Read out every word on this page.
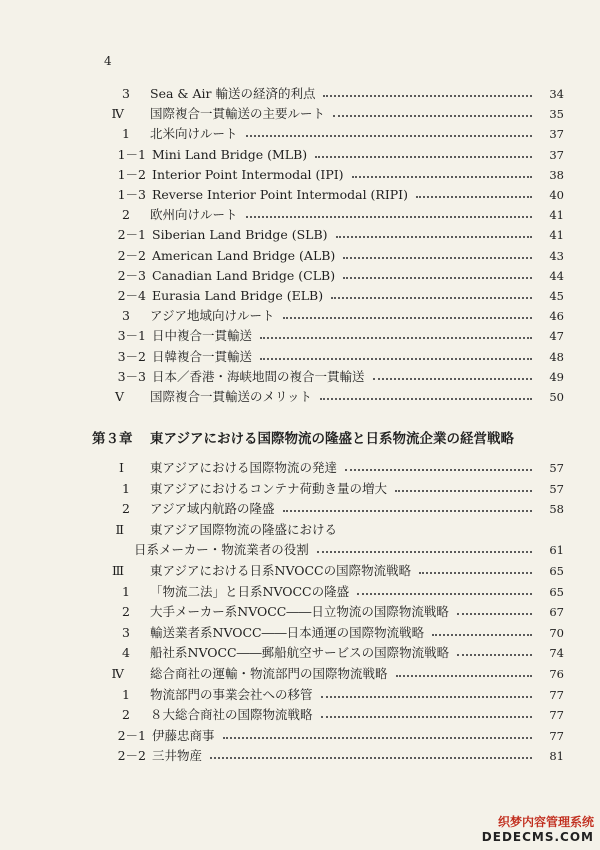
4
3 Sea & Air 輸送の経済的利点	34
Ⅳ 国際複合一貫輸送の主要ルート	35
1 北米向けルート	37
1－1 Mini Land Bridge (MLB)	37
1－2 Interior Point Intermodal (IPI)	38
1－3 Reverse Interior Point Intermodal (RIPI)	40
2 欧州向けルート	41
2－1 Siberian Land Bridge (SLB)	41
2－2 American Land Bridge (ALB)	43
2－3 Canadian Land Bridge (CLB)	44
2－4 Eurasia Land Bridge (ELB)	45
3 アジア地域向けルート	46
3－1 日中複合一貫輸送	47
3－2 日韓複合一貫輸送	48
3－3 日本／香港・海峡地間の複合一貫輸送	49
Ⅴ 国際複合一貫輸送のメリット	50
第３章 東アジアにおける国際物流の隆盛と日系物流企業の経営戦略
Ⅰ 東アジアにおける国際物流の発達	57
1 東アジアにおけるコンテナ荷動き量の増大	57
2 アジア域内航路の隆盛	58
Ⅱ 東アジア国際物流の隆盛における
日系メーカー・物流業者の役割	61
Ⅲ 東アジアにおける日系NVOCCの国際物流戦略	65
1 「物流二法」と日系NVOCCの隆盛	65
2 大手メーカー系NVOCC――日立物流の国際物流戦略	67
3 輸送業者系NVOCC――日本通運の国際物流戦略	70
4 船社系NVOCC――郵船航空サービスの国際物流戦略	74
Ⅳ 総合商社の運輸・物流部門の国際物流戦略	76
1 物流部門の事業会社への移管	77
2 ８大総合商社の国際物流戦略	77
2－1 伊藤忠商事	77
2－2 三井物産	81
织梦内容管理系统
DEDECMS.COM
